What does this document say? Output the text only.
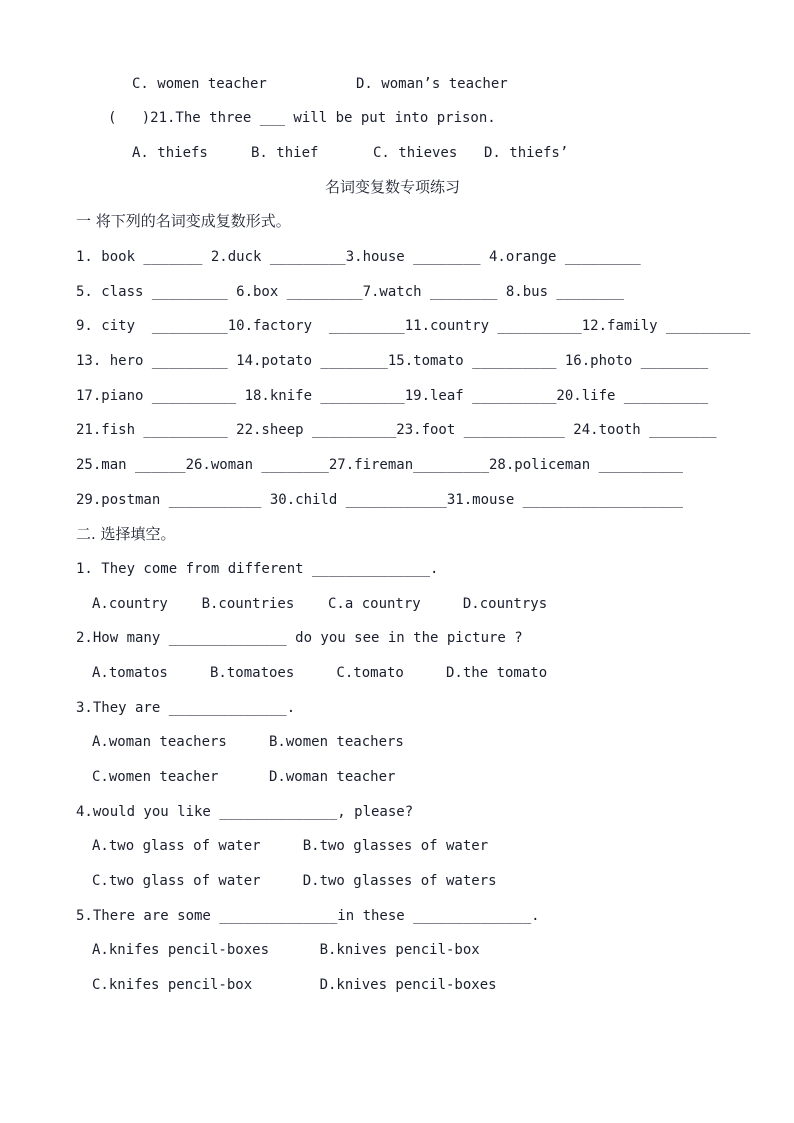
C. women teacher	D. woman’s teacher
(   )21.The three ___ will be put into prison.
A. thiefs	B. thief	C. thieves D. thiefs’
名词变复数专项练习
一 将下列的名词变成复数形式。
1. book _______ 2.duck _________3.house ________ 4.orange _________
5. class _________ 6.box _________7.watch ________ 8.bus ________
9. city  _________10.factory  _________11.country __________12.family __________
13. hero _________ 14.potato ________15.tomato __________ 16.photo ________
17.piano __________ 18.knife __________19.leaf __________20.life __________
21.fish __________ 22.sheep __________23.foot ____________ 24.tooth ________
25.man ______26.woman ________27.fireman_________28.policeman __________
29.postman ___________ 30.child ____________31.mouse ___________________
二. 选择填空。
1. They come from different ______________.
A.country    B.countries    C.a country     D.countrys
2.How many ______________ do you see in the picture ?
A.tomatos     B.tomatoes     C.tomato     D.the tomato
3.They are ______________.
A.woman teachers     B.women teachers
C.women teacher      D.woman teacher
4.would you like ______________, please?
A.two glass of water     B.two glasses of water
C.two glass of water     D.two glasses of waters
5.There are some ______________in these ______________.
A.knifes pencil-boxes      B.knives pencil-box
C.knifes pencil-box        D.knives pencil-boxes
